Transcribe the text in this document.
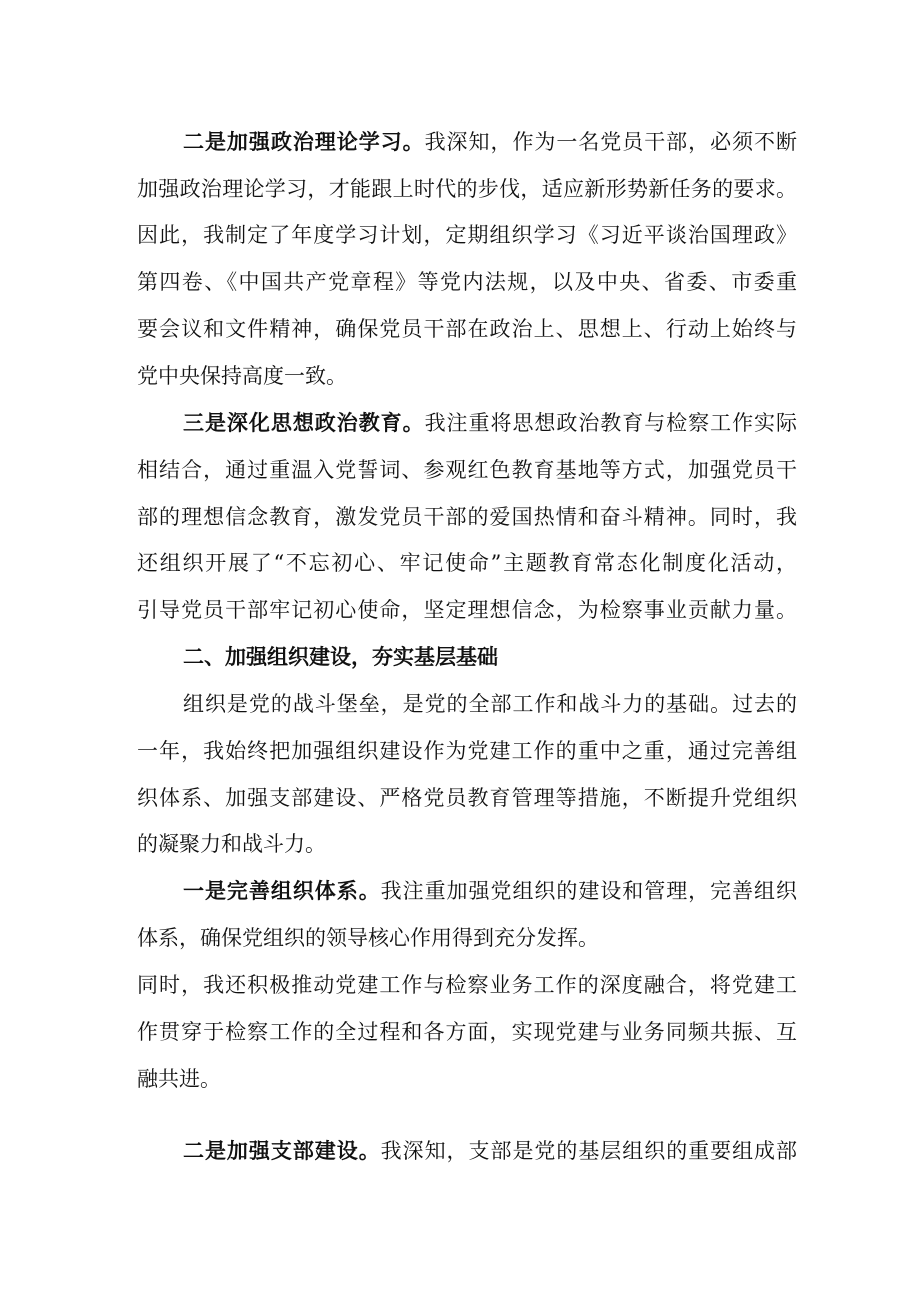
二是加强政治理论学习。我深知，作为一名党员干部，必须不断
加强政治理论学习，才能跟上时代的步伐，适应新形势新任务的要求。
因此，我制定了年度学习计划，定期组织学习《习近平谈治国理政》
第四卷、《中国共产党章程》等党内法规，以及中央、省委、市委重
要会议和文件精神，确保党员干部在政治上、思想上、行动上始终与
党中央保持高度一致。
三是深化思想政治教育。我注重将思想政治教育与检察工作实际
相结合，通过重温入党誓词、参观红色教育基地等方式，加强党员干
部的理想信念教育，激发党员干部的爱国热情和奋斗精神。同时，我
还组织开展了“不忘初心、牢记使命”主题教育常态化制度化活动，
引导党员干部牢记初心使命，坚定理想信念，为检察事业贡献力量。
二、加强组织建设，夯实基层基础
组织是党的战斗堡垒，是党的全部工作和战斗力的基础。过去的
一年，我始终把加强组织建设作为党建工作的重中之重，通过完善组
织体系、加强支部建设、严格党员教育管理等措施，不断提升党组织
的凝聚力和战斗力。
一是完善组织体系。我注重加强党组织的建设和管理，完善组织
体系，确保党组织的领导核心作用得到充分发挥。
同时，我还积极推动党建工作与检察业务工作的深度融合，将党建工
作贯穿于检察工作的全过程和各方面，实现党建与业务同频共振、互
融共进。
二是加强支部建设。我深知，支部是党的基层组织的重要组成部
